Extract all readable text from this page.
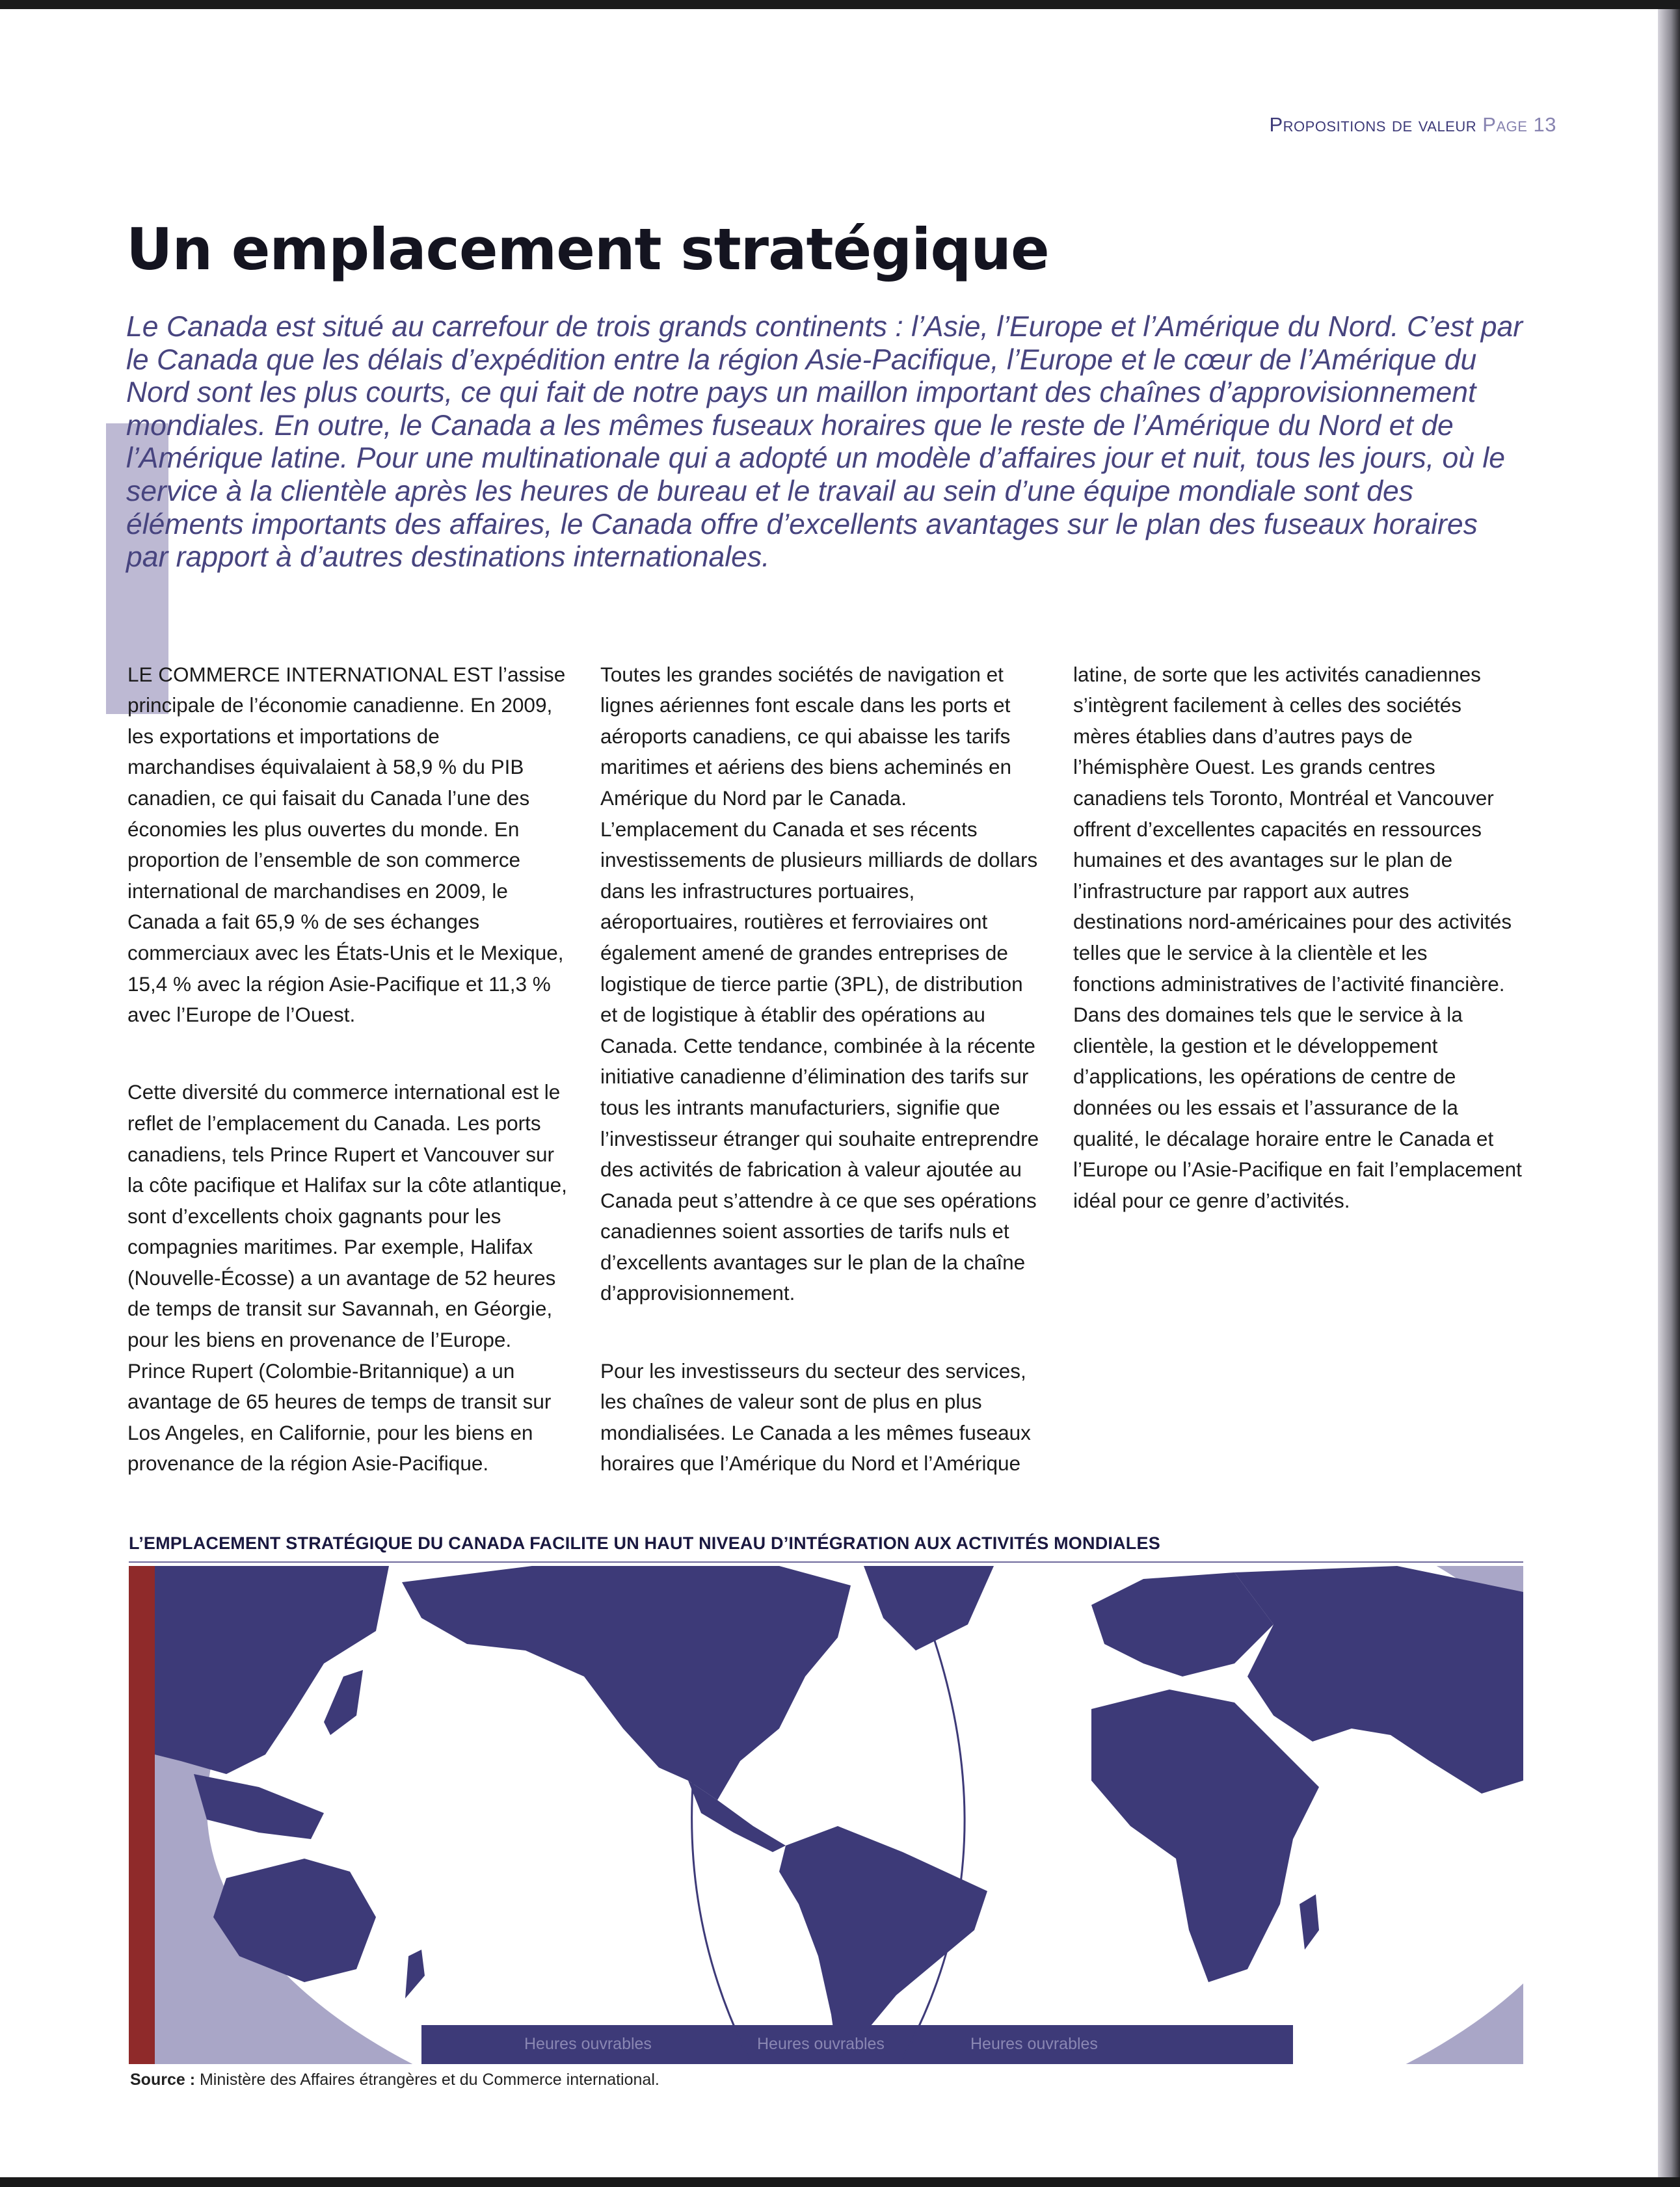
Propositions de valeur Page 13
Un emplacement stratégique

Le Canada est situé au carrefour de trois grands continents : l’Asie, l’Europe et l’Amérique du Nord. C’est par
le Canada que les délais d’expédition entre la région Asie-Pacifique, l’Europe et le cœur de l’Amérique du
Nord sont les plus courts, ce qui fait de notre pays un maillon important des chaînes d’approvisionnement
mondiales. En outre, le Canada a les mêmes fuseaux horaires que le reste de l’Amérique du Nord et de
l’Amérique latine. Pour une multinationale qui a adopté un modèle d’affaires jour et nuit, tous les jours, où le
service à la clientèle après les heures de bureau et le travail au sein d’une équipe mondiale sont des
éléments importants des affaires, le Canada offre d’excellents avantages sur le plan des fuseaux horaires
par rapport à d’autres destinations internationales.

LE COMMERCE INTERNATIONAL EST l’assise
principale de l’économie canadienne. En 2009,
les exportations et importations de
marchandises équivalaient à 58,9 % du PIB
canadien, ce qui faisait du Canada l’une des
économies les plus ouvertes du monde. En
proportion de l’ensemble de son commerce
international de marchandises en 2009, le
Canada a fait 65,9 % de ses échanges
commerciaux avec les États-Unis et le Mexique,
15,4 % avec la région Asie-Pacifique et 11,3 %
avec l’Europe de l’Ouest.

Cette diversité du commerce international est le
reflet de l’emplacement du Canada. Les ports
canadiens, tels Prince Rupert et Vancouver sur
la côte pacifique et Halifax sur la côte atlantique,
sont d’excellents choix gagnants pour les
compagnies maritimes. Par exemple, Halifax
(Nouvelle-Écosse) a un avantage de 52 heures
de temps de transit sur Savannah, en Géorgie,
pour les biens en provenance de l’Europe.
Prince Rupert (Colombie-Britannique) a un
avantage de 65 heures de temps de transit sur
Los Angeles, en Californie, pour les biens en
provenance de la région Asie-Pacifique.

Toutes les grandes sociétés de navigation et
lignes aériennes font escale dans les ports et
aéroports canadiens, ce qui abaisse les tarifs
maritimes et aériens des biens acheminés en
Amérique du Nord par le Canada.
L’emplacement du Canada et ses récents
investissements de plusieurs milliards de dollars
dans les infrastructures portuaires,
aéroportuaires, routières et ferroviaires ont
également amené de grandes entreprises de
logistique de tierce partie (3PL), de distribution
et de logistique à établir des opérations au
Canada. Cette tendance, combinée à la récente
initiative canadienne d’élimination des tarifs sur
tous les intrants manufacturiers, signifie que
l’investisseur étranger qui souhaite entreprendre
des activités de fabrication à valeur ajoutée au
Canada peut s’attendre à ce que ses opérations
canadiennes soient assorties de tarifs nuls et
d’excellents avantages sur le plan de la chaîne
d’approvisionnement.

Pour les investisseurs du secteur des services,
les chaînes de valeur sont de plus en plus
mondialisées. Le Canada a les mêmes fuseaux
horaires que l’Amérique du Nord et l’Amérique

latine, de sorte que les activités canadiennes
s’intègrent facilement à celles des sociétés
mères établies dans d’autres pays de
l’hémisphère Ouest. Les grands centres
canadiens tels Toronto, Montréal et Vancouver
offrent d’excellentes capacités en ressources
humaines et des avantages sur le plan de
l’infrastructure par rapport aux autres
destinations nord-américaines pour des activités
telles que le service à la clientèle et les
fonctions administratives de l’activité financière.
Dans des domaines tels que le service à la
clientèle, la gestion et le développement
d’applications, les opérations de centre de
données ou les essais et l’assurance de la
qualité, le décalage horaire entre le Canada et
l’Europe ou l’Asie-Pacifique en fait l’emplacement
idéal pour ce genre d’activités.

L’EMPLACEMENT STRATÉGIQUE DU CANADA FACILITE UN HAUT NIVEAU D’INTÉGRATION AUX ACTIVITÉS MONDIALES
Heures ouvrables	Heures ouvrables	Heures ouvrables
Source : Ministère des Affaires étrangères et du Commerce international.
